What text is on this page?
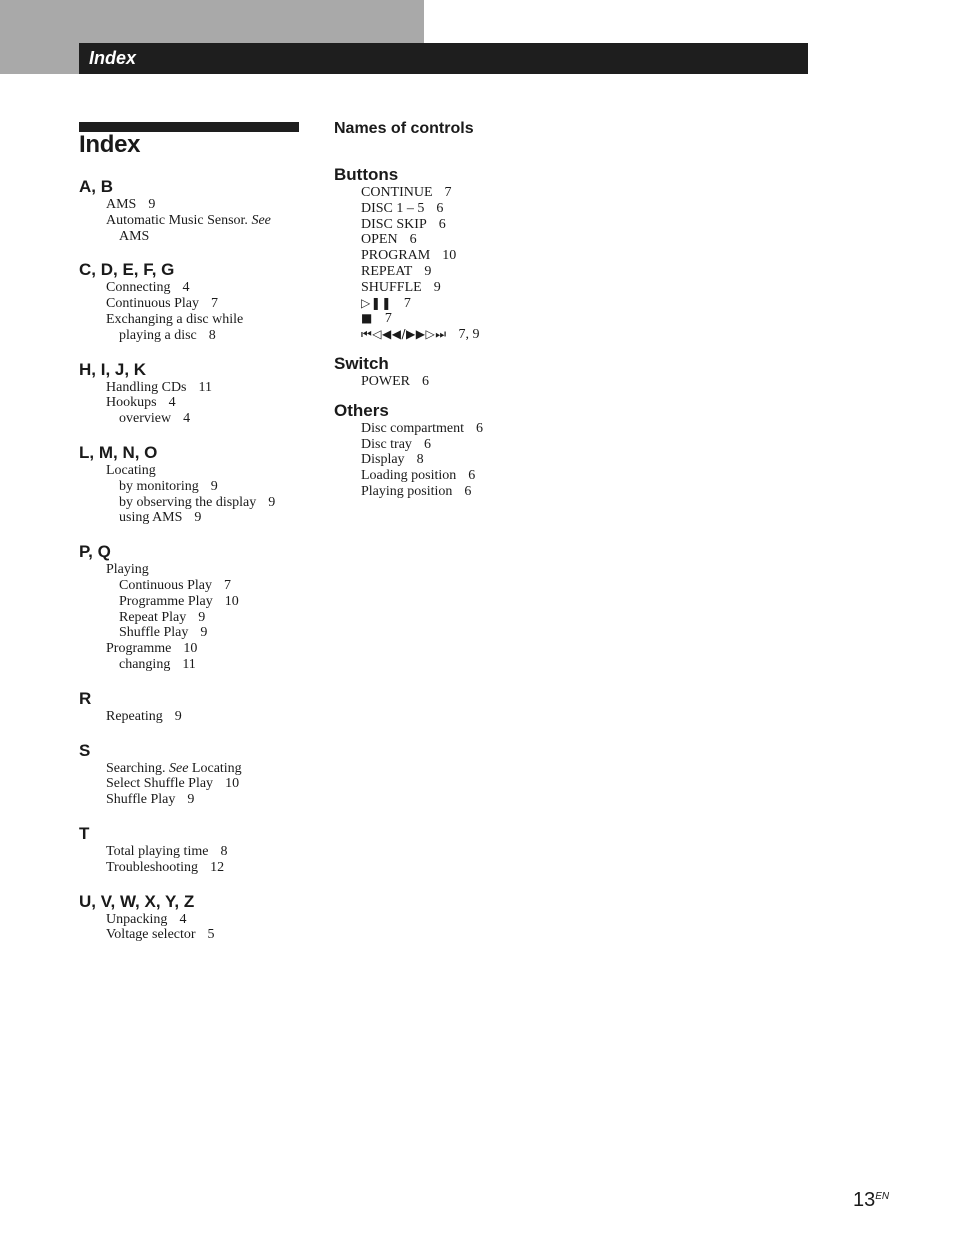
Index
Index
A, B
AMS 9
Automatic Music Sensor. See
AMS
C, D, E, F, G
Connecting 4
Continuous Play 7
Exchanging a disc while
playing a disc 8
H, I, J, K
Handling CDs 11
Hookups 4
overview 4
L, M, N, O
Locating
by monitoring 9
by observing the display 9
using AMS 9
P, Q
Playing
Continuous Play 7
Programme Play 10
Repeat Play 9
Shuffle Play 9
Programme 10
changing 11
R
Repeating 9
S
Searching. See Locating
Select Shuffle Play 10
Shuffle Play 9
T
Total playing time 8
Troubleshooting 12
U, V, W, X, Y, Z
Unpacking 4
Voltage selector 5
Names of controls
Buttons
CONTINUE 7
DISC 1 – 5 6
DISC SKIP 6
OPEN 6
PROGRAM 10
REPEAT 9
SHUFFLE 9
▷❚❚ 7
■ 7
⏮◁◀◀/▶▶▷⏭ 7, 9
Switch
POWER 6
Others
Disc compartment 6
Disc tray 6
Display 8
Loading position 6
Playing position 6
$13^{EN}$
